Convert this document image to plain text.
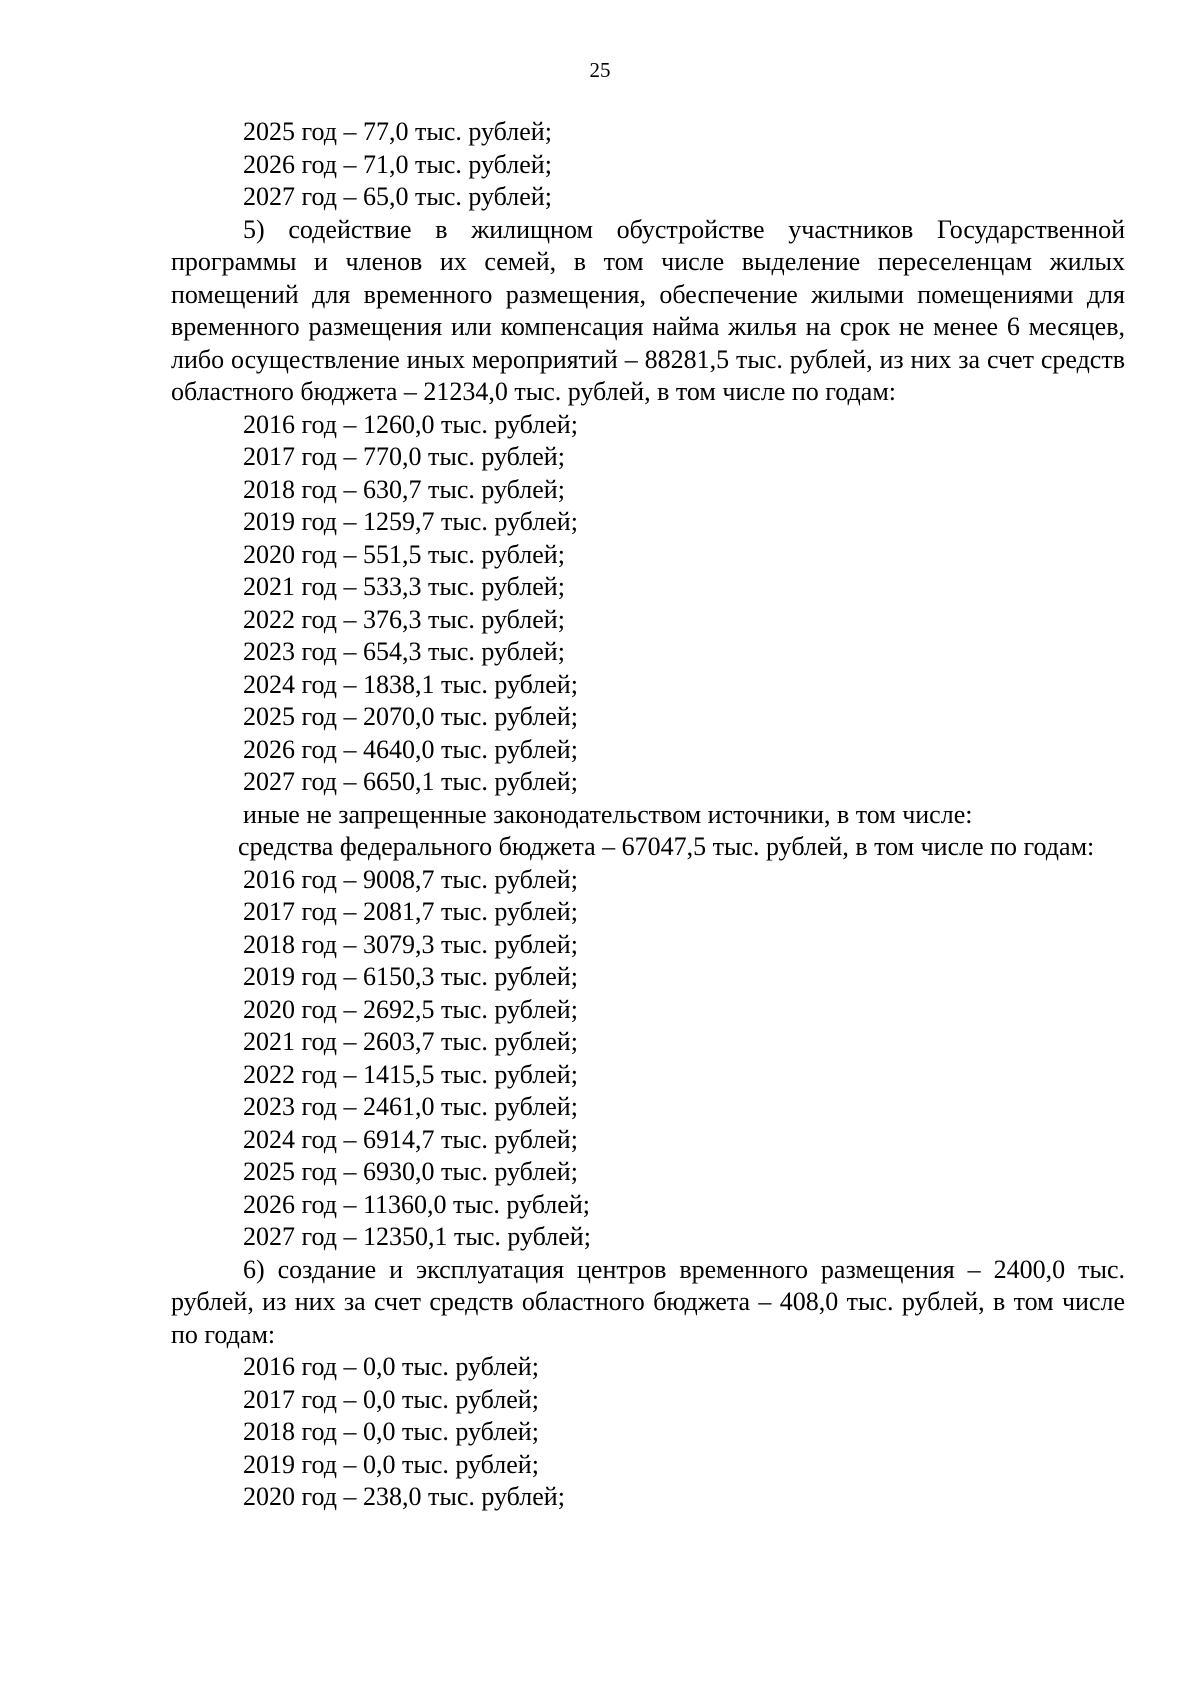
25
2025 год – 77,0 тыс. рублей;
2026 год – 71,0 тыс. рублей;
2027 год – 65,0 тыс. рублей;
5) содействие в жилищном обустройстве участников Государственной программы и членов их семей, в том числе выделение переселенцам жилых помещений для временного размещения, обеспечение жилыми помещениями для временного размещения или компенсация найма жилья на срок не менее 6 месяцев, либо осуществление иных мероприятий – 88281,5 тыс. рублей, из них за счет средств областного бюджета – 21234,0 тыс. рублей, в том числе по годам:
2016 год – 1260,0 тыс. рублей;
2017 год – 770,0 тыс. рублей;
2018 год – 630,7 тыс. рублей;
2019 год – 1259,7 тыс. рублей;
2020 год – 551,5 тыс. рублей;
2021 год – 533,3 тыс. рублей;
2022 год – 376,3 тыс. рублей;
2023 год – 654,3 тыс. рублей;
2024 год – 1838,1 тыс. рублей;
2025 год – 2070,0 тыс. рублей;
2026 год – 4640,0 тыс. рублей;
2027 год – 6650,1 тыс. рублей;
иные не запрещенные законодательством источники, в том числе:
средства федерального бюджета – 67047,5 тыс. рублей, в том числе по годам:
2016 год – 9008,7 тыс. рублей;
2017 год – 2081,7 тыс. рублей;
2018 год – 3079,3 тыс. рублей;
2019 год – 6150,3 тыс. рублей;
2020 год – 2692,5 тыс. рублей;
2021 год – 2603,7 тыс. рублей;
2022 год – 1415,5 тыс. рублей;
2023 год – 2461,0 тыс. рублей;
2024 год – 6914,7 тыс. рублей;
2025 год – 6930,0 тыс. рублей;
2026 год – 11360,0 тыс. рублей;
2027 год – 12350,1 тыс. рублей;
6) создание и эксплуатация центров временного размещения – 2400,0 тыс. рублей, из них за счет средств областного бюджета – 408,0 тыс. рублей, в том числе по годам:
2016 год – 0,0 тыс. рублей;
2017 год – 0,0 тыс. рублей;
2018 год – 0,0 тыс. рублей;
2019 год – 0,0 тыс. рублей;
2020 год – 238,0 тыс. рублей;
